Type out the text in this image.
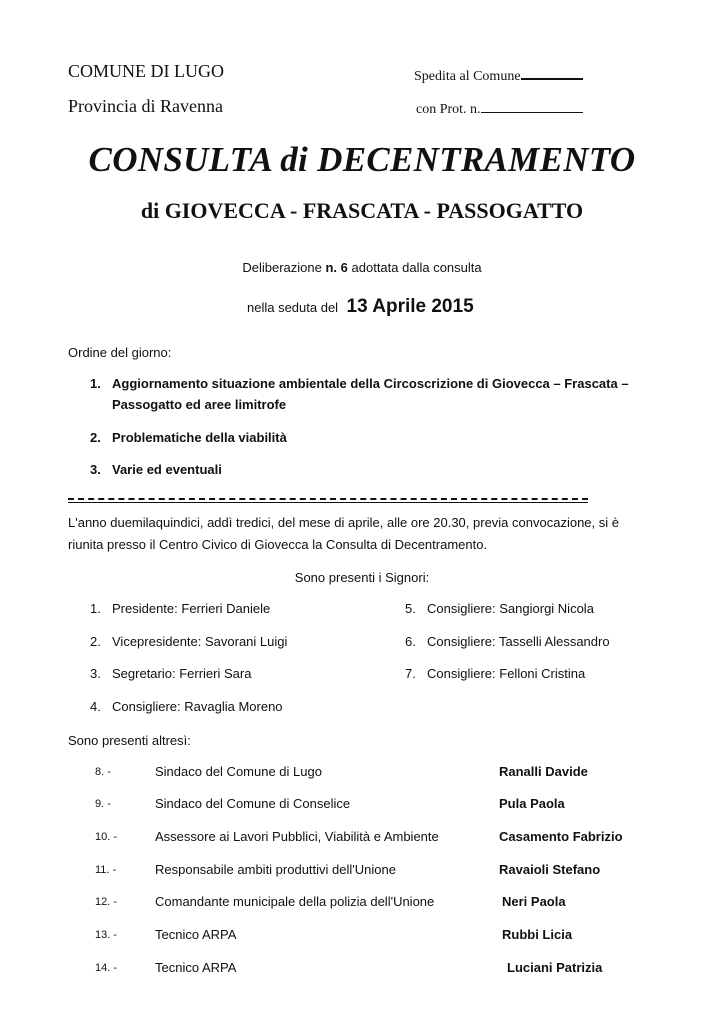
COMUNE DI LUGO
Provincia di Ravenna
Spedita al Comune
con Prot. n.
CONSULTA di DECENTRAMENTO
di GIOVECCA - FRASCATA - PASSOGATTO
Deliberazione n. 6 adottata dalla consulta
nella seduta del 13 Aprile 2015
Ordine del giorno:
1. Aggiornamento situazione ambientale della Circoscrizione di Giovecca – Frascata –
Passogatto ed aree limitrofe
2. Problematiche della viabilità
3. Varie ed eventuali
L'anno duemilaquindici, addì tredici, del mese di aprile, alle ore 20.30, previa convocazione, si è
riunita presso il Centro Civico di Giovecca la Consulta di Decentramento.
Sono presenti i Signori:
1. Presidente: Ferrieri Daniele
2. Vicepresidente: Savorani Luigi
3. Segretario: Ferrieri Sara
4. Consigliere: Ravaglia Moreno
5. Consigliere: Sangiorgi Nicola
6. Consigliere: Tasselli Alessandro
7. Consigliere: Felloni Cristina
Sono presenti altresì:
8. -	Sindaco del Comune di Lugo	Ranalli Davide
9. -	Sindaco del Comune di Conselice	Pula Paola
10. -	Assessore ai Lavori Pubblici, Viabilità e Ambiente	Casamento Fabrizio
11. -	Responsabile ambiti produttivi dell'Unione	Ravaioli Stefano
12. -	Comandante municipale della polizia dell'Unione	Neri Paola
13. -	Tecnico ARPA	Rubbi Licia
14. -	Tecnico ARPA	Luciani Patrizia
